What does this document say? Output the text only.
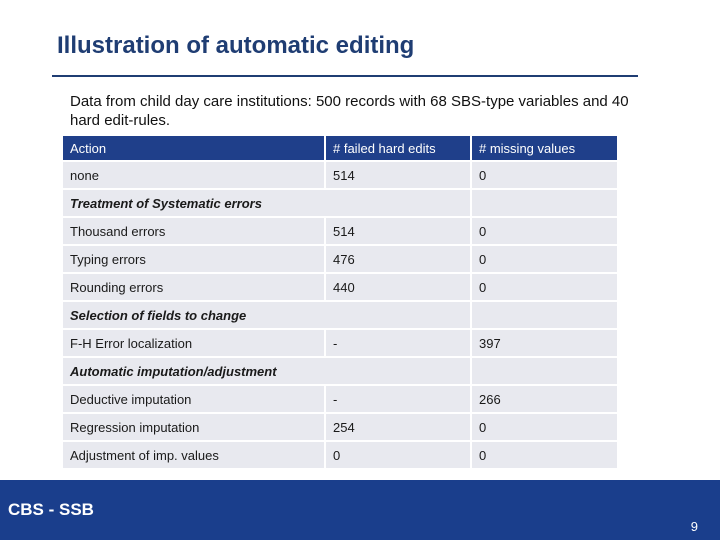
Illustration of automatic editing
Data from child day care institutions: 500 records with 68 SBS-type variables and 40 hard edit-rules.
Action	# failed hard edits	# missing values
none	514	0
Treatment of Systematic errors		
Thousand errors	514	0
Typing errors	476	0
Rounding errors	440	0
Selection of fields to change		
F-H Error localization	-	397
Automatic imputation/adjustment		
Deductive imputation	-	266
Regression imputation	254	0
Adjustment of imp. values	0	0
CBS - SSB
9
